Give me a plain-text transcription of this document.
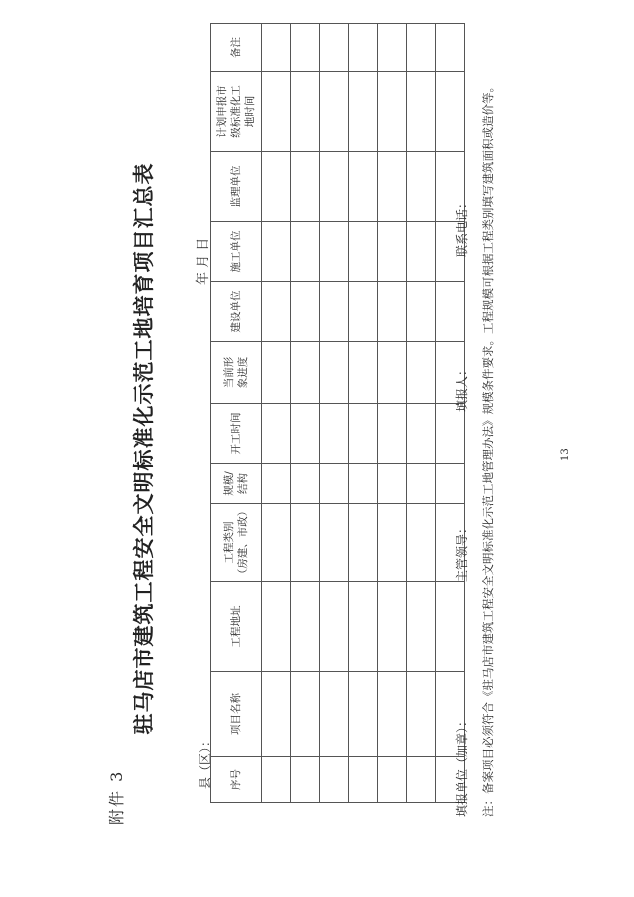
附件 3
驻马店市建筑工程安全文明标准化示范工地培育项目汇总表	年 月 日
县（区）： 序号	项目名称	工程地址	工程类别 （房建、市政）	规模/ 结构	开工时间	当前形 象进度	建设单位	施工单位	监理单位	计划申报市 级标准化工 地时间	备注

填报单位（加章）：
主管领导：
填报人：
联系电话： 注：备案项目必须符合《驻马店市建筑工程安全文明标准化示范工地管理办法》规模条件要求。工程规模可根据工程类别填写建筑面积或造价等。	13
